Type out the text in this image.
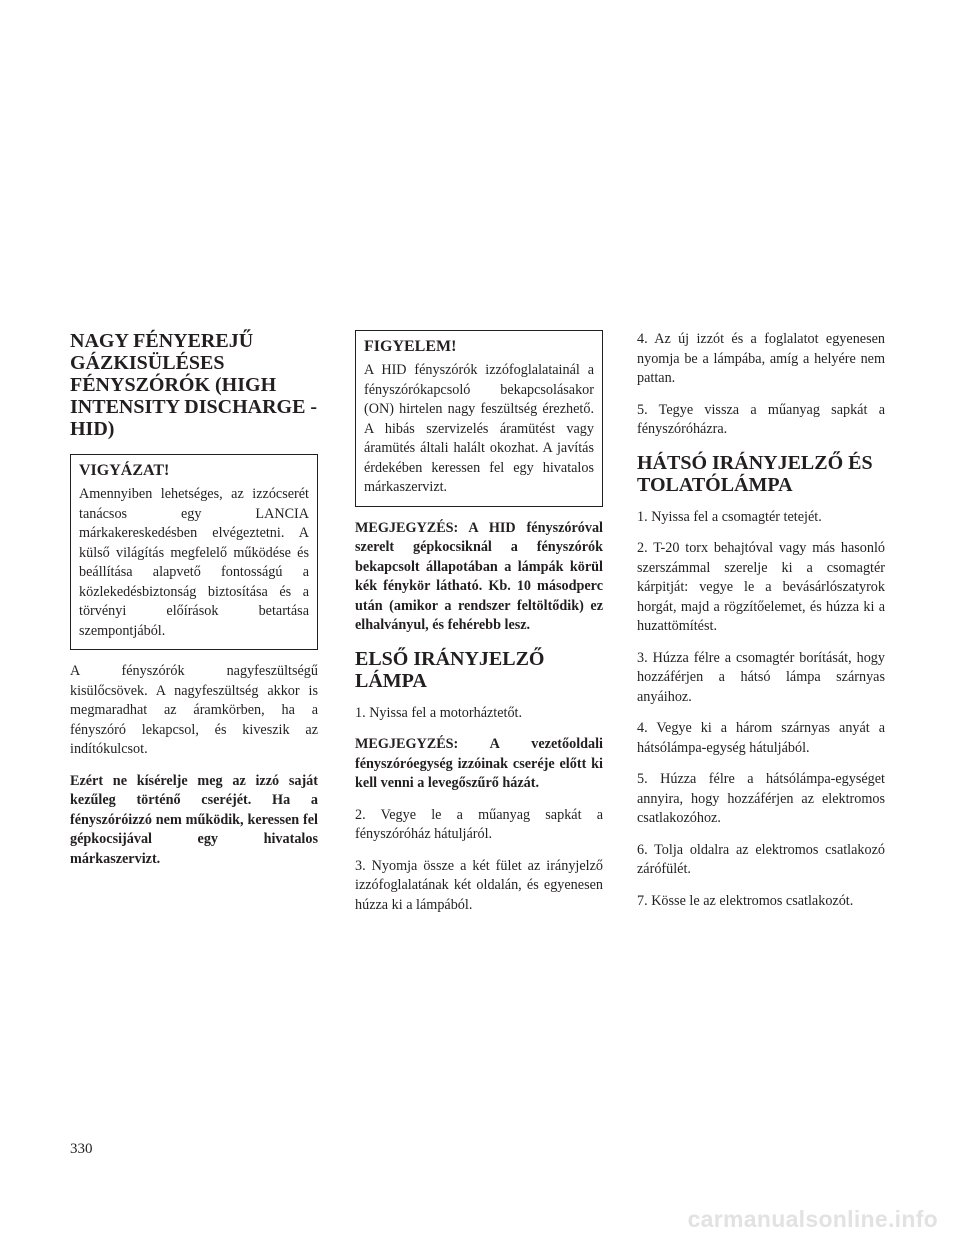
NAGY FÉNYEREJŰ GÁZKISÜLÉSES FÉNYSZÓRÓK (HIGH INTENSITY DISCHARGE - HID)
VIGYÁZAT!

Amennyiben lehetséges, az izzócserét tanácsos egy LANCIA márkakereskedésben elvégeztetni. A külső világítás megfelelő működése és beállítása alapvető fontosságú a közlekedésbiztonság biztosítása és a törvényi előírások betartása szempontjából.

A fényszórók nagyfeszültségű kisülőcsövek. A nagyfeszültség akkor is megmaradhat az áramkörben, ha a fényszóró lekapcsol, és kiveszik az indítókulcsot.

Ezért ne kísérelje meg az izzó saját kezűleg történő cseréjét. Ha a fényszóróizzó nem működik, keressen fel gépkocsijával egy hivatalos márkaszervizt.

FIGYELEM!

A HID fényszórók izzófoglalatainál a fényszórókapcsoló bekapcsolásakor (ON) hirtelen nagy feszültség érezhető. A hibás szervizelés áramütést vagy áramütés általi halált okozhat. A javítás érdekében keressen fel egy hivatalos márkaszervizt.

MEGJEGYZÉS: A HID fényszóróval szerelt gépkocsiknál a fényszórók bekapcsolt állapotában a lámpák körül kék fénykör látható. Kb. 10 másodperc után (amikor a rendszer feltöltődik) ez elhalványul, és fehérebb lesz.

ELSŐ IRÁNYJELZŐ LÁMPA

1. Nyissa fel a motorháztetőt.

MEGJEGYZÉS: A vezetőoldali fényszóróegység izzóinak cseréje előtt ki kell venni a levegőszűrő házát.

2. Vegye le a műanyag sapkát a fényszóróház hátuljáról.

3. Nyomja össze a két fület az irányjelző izzófoglalatának két oldalán, és egyenesen húzza ki a lámpából.

4. Az új izzót és a foglalatot egyenesen nyomja be a lámpába, amíg a helyére nem pattan.

5. Tegye vissza a műanyag sapkát a fényszóróházra.

HÁTSÓ IRÁNYJELZŐ ÉS TOLATÓLÁMPA

1. Nyissa fel a csomagtér tetejét.

2. T-20 torx behajtóval vagy más hasonló szerszámmal szerelje ki a csomagtér kárpitját: vegye le a bevásárlószatyrok horgát, majd a rögzítőelemet, és húzza ki a huzattömítést.

3. Húzza félre a csomagtér borítását, hogy hozzáférjen a hátsó lámpa szárnyas anyáihoz.

4. Vegye ki a három szárnyas anyát a hátsólámpa-egység hátuljából.

5. Húzza félre a hátsólámpa-egységet annyira, hogy hozzáférjen az elektromos csatlakozóhoz.

6. Tolja oldalra az elektromos csatlakozó zárófülét.

7. Kösse le az elektromos csatlakozót.

330
carmanualsonline.info
